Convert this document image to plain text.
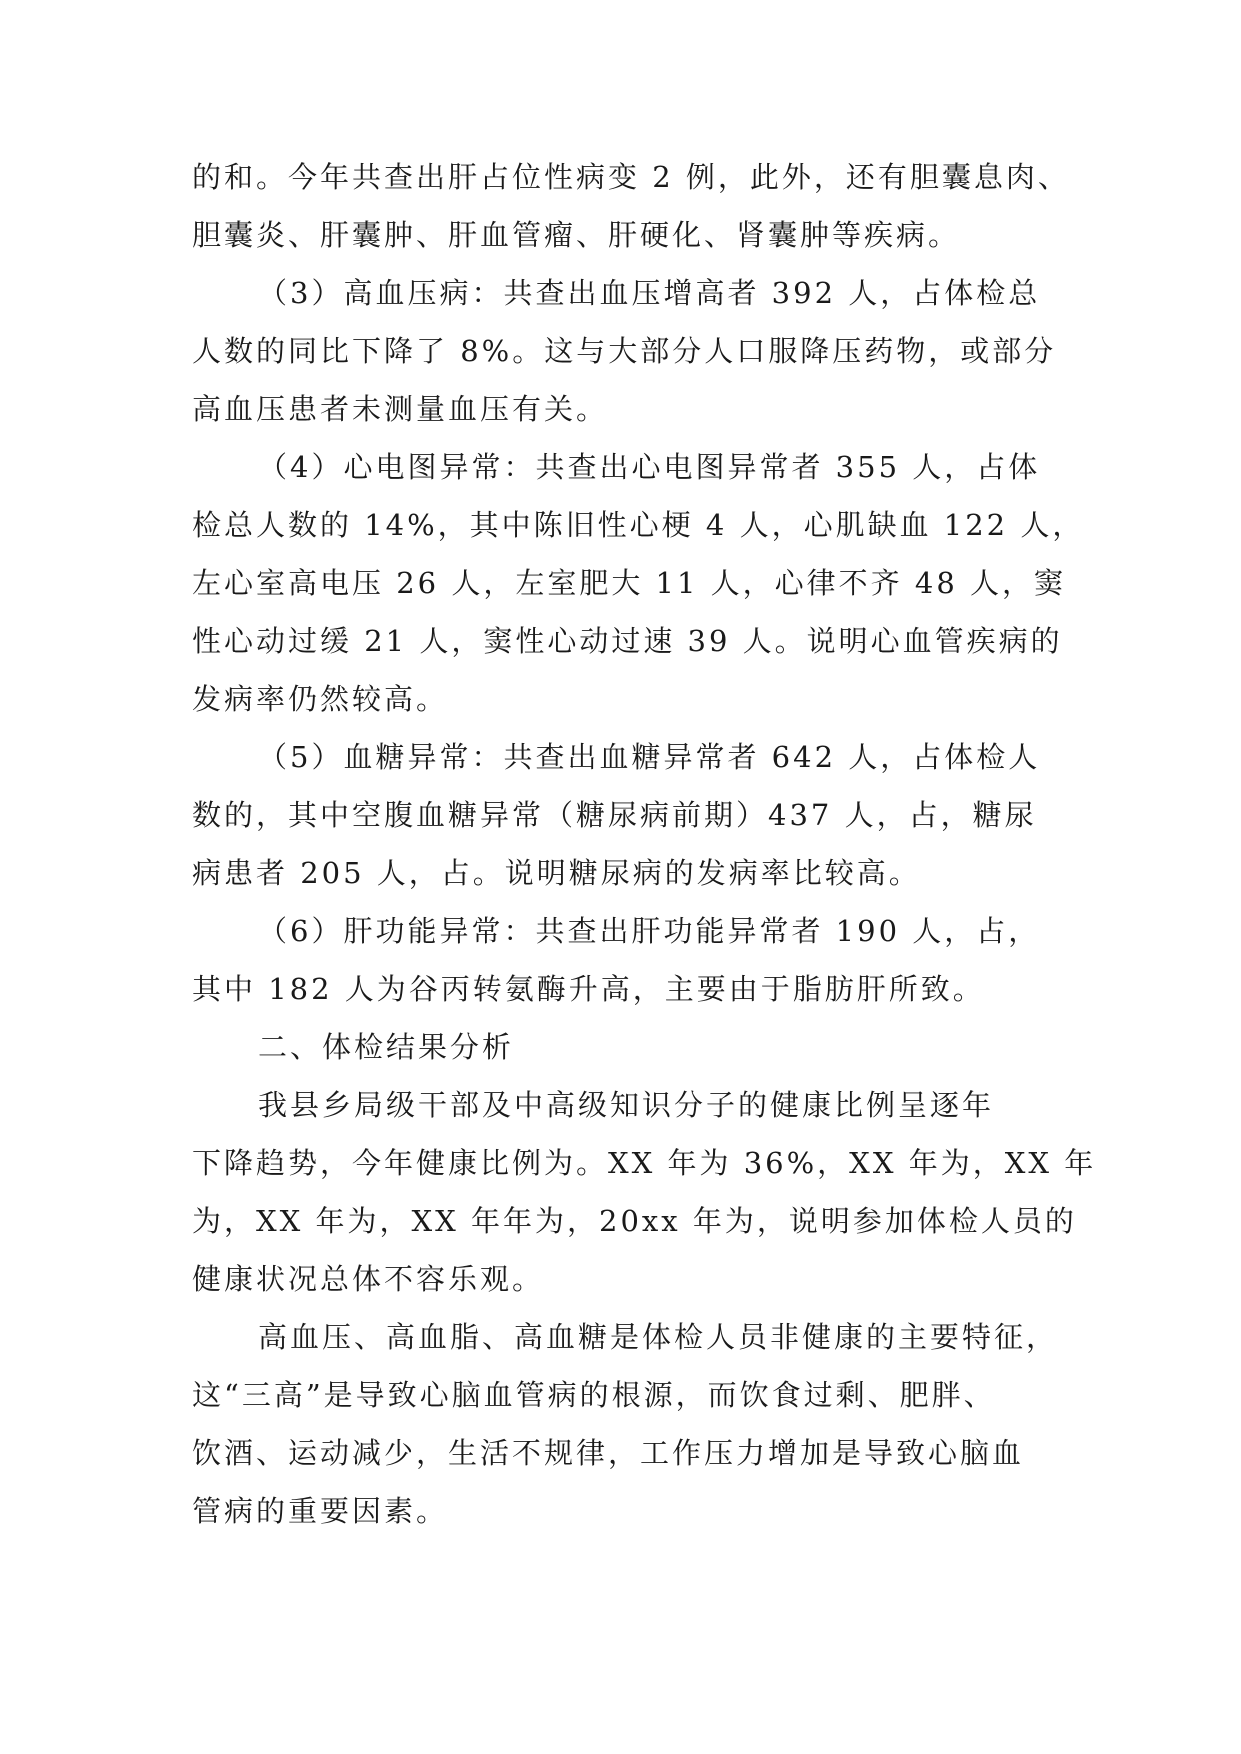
的和。今年共查出肝占位性病变 2 例，此外，还有胆囊息肉、
胆囊炎、肝囊肿、肝血管瘤、肝硬化、肾囊肿等疾病。
（3）高血压病：共查出血压增高者 392 人，占体检总
人数的同比下降了 8%。这与大部分人口服降压药物，或部分
高血压患者未测量血压有关。
（4）心电图异常：共查出心电图异常者 355 人，占体
检总人数的 14%，其中陈旧性心梗 4 人，心肌缺血 122 人，
左心室高电压 26 人，左室肥大 11 人，心律不齐 48 人，窦
性心动过缓 21 人，窦性心动过速 39 人。说明心血管疾病的
发病率仍然较高。
（5）血糖异常：共查出血糖异常者 642 人，占体检人
数的，其中空腹血糖异常（糖尿病前期）437 人，占，糖尿
病患者 205 人，占。说明糖尿病的发病率比较高。
（6）肝功能异常：共查出肝功能异常者 190 人，占，
其中 182 人为谷丙转氨酶升高，主要由于脂肪肝所致。
二、体检结果分析
我县乡局级干部及中高级知识分子的健康比例呈逐年
下降趋势，今年健康比例为。XX 年为 36%，XX 年为，XX 年
为，XX 年为，XX 年年为，20xx 年为，说明参加体检人员的
健康状况总体不容乐观。
高血压、高血脂、高血糖是体检人员非健康的主要特征，
这“三高”是导致心脑血管病的根源，而饮食过剩、肥胖、
饮酒、运动减少，生活不规律，工作压力增加是导致心脑血
管病的重要因素。
